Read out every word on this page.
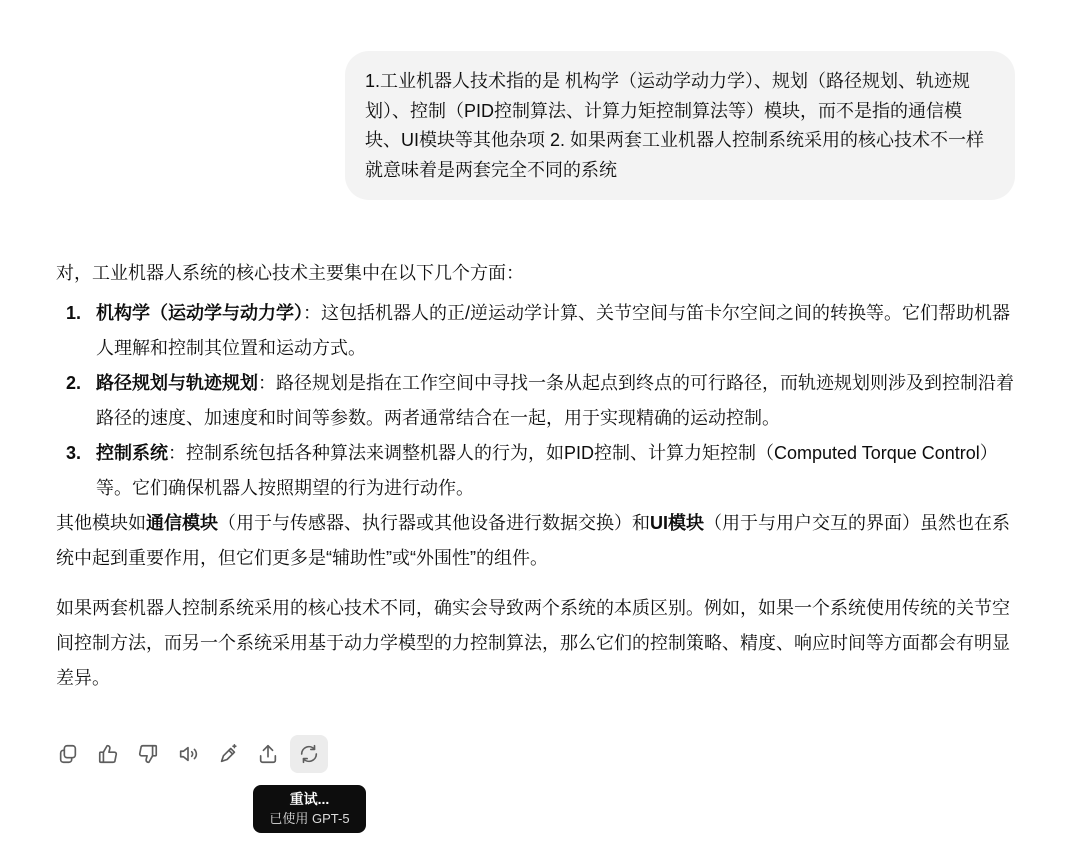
1.工业机器人技术指的是 机构学（运动学动力学）、规划（路径规划、轨迹规划）、控制（PID控制算法、计算力矩控制算法等）模块，而不是指的通信模块、UI模块等其他杂项 2. 如果两套工业机器人控制系统采用的核心技术不一样就意味着是两套完全不同的系统

对，工业机器人系统的核心技术主要集中在以下几个方面：

1. 机构学（运动学与动力学）：这包括机器人的正/逆运动学计算、关节空间与笛卡尔空间之间的转换等。它们帮助机器人理解和控制其位置和运动方式。
2. 路径规划与轨迹规划：路径规划是指在工作空间中寻找一条从起点到终点的可行路径，而轨迹规划则涉及到控制沿着路径的速度、加速度和时间等参数。两者通常结合在一起，用于实现精确的运动控制。
3. 控制系统：控制系统包括各种算法来调整机器人的行为，如PID控制、计算力矩控制（Computed Torque Control）等。它们确保机器人按照期望的行为进行动作。

其他模块如通信模块（用于与传感器、执行器或其他设备进行数据交换）和UI模块（用于与用户交互的界面）虽然也在系统中起到重要作用，但它们更多是“辅助性”或“外围性”的组件。

如果两套机器人控制系统采用的核心技术不同，确实会导致两个系统的本质区别。例如，如果一个系统使用传统的关节空间控制方法，而另一个系统采用基于动力学模型的力控制算法，那么它们的控制策略、精度、响应时间等方面都会有明显差异。

重试...
已使用 GPT-5
